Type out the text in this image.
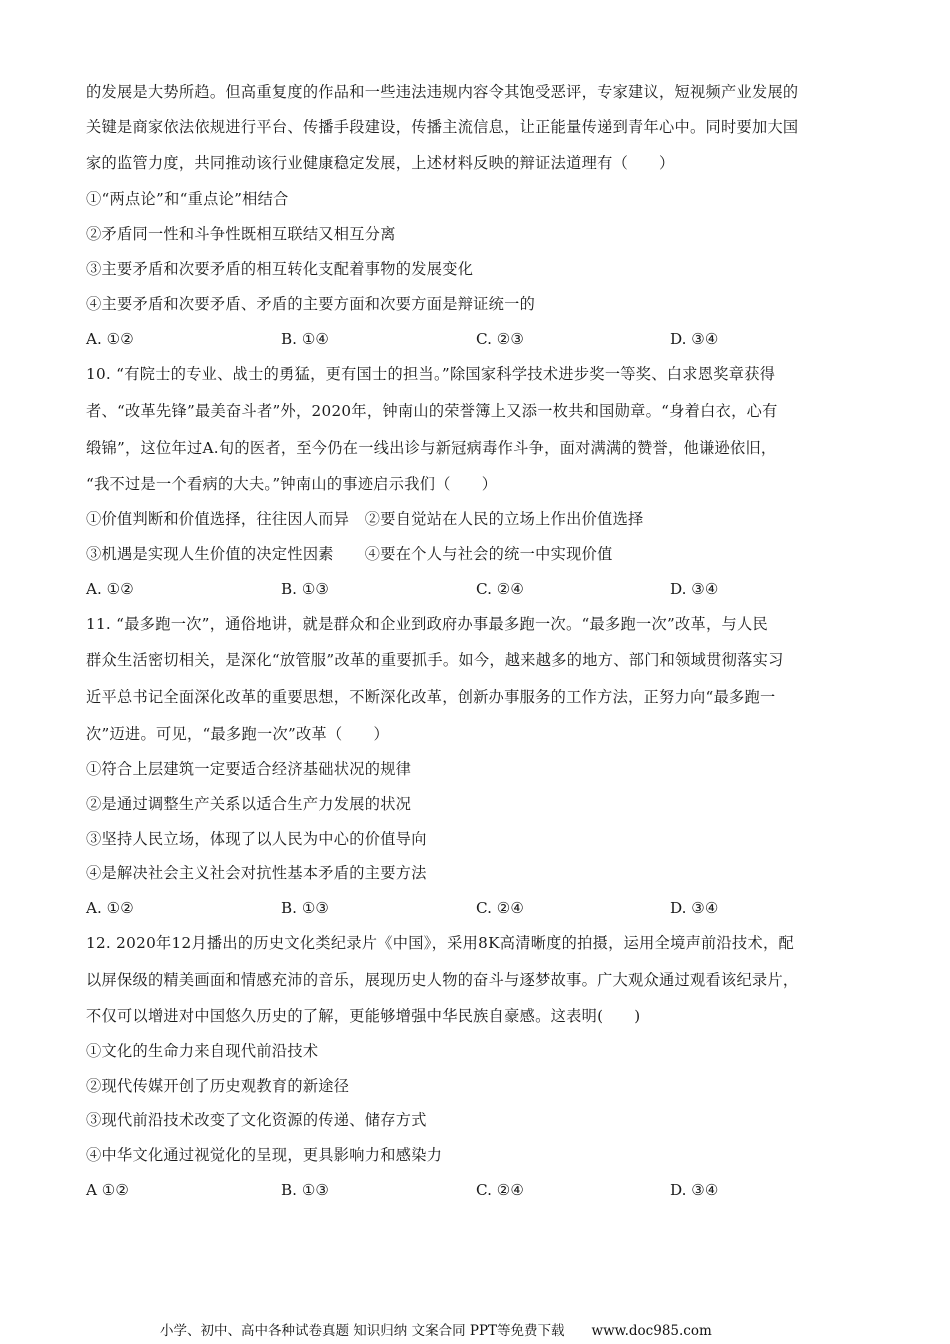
的发展是大势所趋。但高重复度的作品和一些违法违规内容令其饱受恶评，专家建议，短视频产业发展的
关键是商家依法依规进行平台、传播手段建设，传播主流信息，让正能量传递到青年心中。同时要加大国
家的监管力度，共同推动该行业健康稳定发展，上述材料反映的辩证法道理有（　　）
①“两点论”和“重点论”相结合
②矛盾同一性和斗争性既相互联结又相互分离
③主要矛盾和次要矛盾的相互转化支配着事物的发展变化
④主要矛盾和次要矛盾、矛盾的主要方面和次要方面是辩证统一的
A. ①②	B. ①④	C. ②③	D. ③④
10. “有院士的专业、战士的勇猛，更有国士的担当。”除国家科学技术进步奖一等奖、白求恩奖章获得
者、“改革先锋”最美奋斗者”外，2020年，钟南山的荣誉簿上又添一枚共和国勋章。“身着白衣，心有
缎锦”，这位年过A.旬的医者，至今仍在一线出诊与新冠病毒作斗争，面对满满的赞誉，他谦逊依旧，
“我不过是一个看病的大夫。”钟南山的事迹启示我们（　　）
①价值判断和价值选择，往往因人而异　②要自觉站在人民的立场上作出价值选择
③机遇是实现人生价值的决定性因素　　④要在个人与社会的统一中实现价值
A. ①②	B. ①③	C. ②④	D. ③④
11. “最多跑一次”，通俗地讲，就是群众和企业到政府办事最多跑一次。“最多跑一次”改革，与人民
群众生活密切相关，是深化“放管服”改革的重要抓手。如今，越来越多的地方、部门和领域贯彻落实习
近平总书记全面深化改革的重要思想，不断深化改革，创新办事服务的工作方法，正努力向“最多跑一
次”迈进。可见，“最多跑一次”改革（　　）
①符合上层建筑一定要适合经济基础状况的规律
②是通过调整生产关系以适合生产力发展的状况
③坚持人民立场，体现了以人民为中心的价值导向
④是解决社会主义社会对抗性基本矛盾的主要方法
A. ①②	B. ①③	C. ②④	D. ③④
12. 2020年12月播出的历史文化类纪录片《中国》，采用8K高清晰度的拍摄，运用全境声前沿技术，配
以屏保级的精美画面和情感充沛的音乐，展现历史人物的奋斗与逐梦故事。广大观众通过观看该纪录片，
不仅可以增进对中国悠久历史的了解，更能够增强中华民族自豪感。这表明(　　)
①文化的生命力来自现代前沿技术
②现代传媒开创了历史观教育的新途径
③现代前沿技术改变了文化资源的传递、储存方式
④中华文化通过视觉化的呈现，更具影响力和感染力
A ①②	B. ①③	C. ②④	D. ③④
小学、初中、高中各种试卷真题 知识归纳 文案合同 PPT等免费下载　　www.doc985.com
